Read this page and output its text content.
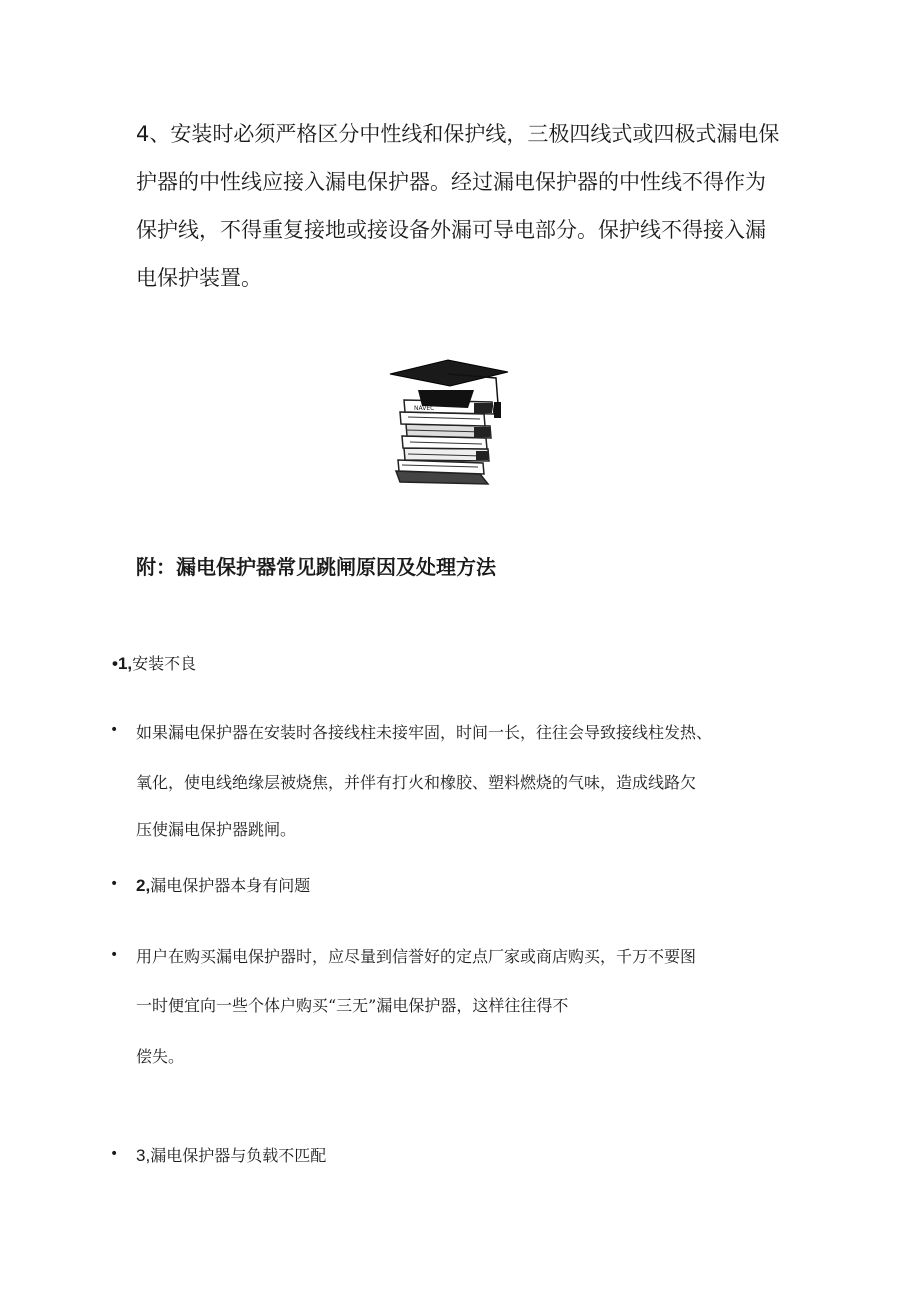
4、安装时必须严格区分中性线和保护线，三极四线式或四极式漏电保

护器的中性线应接入漏电保护器。经过漏电保护器的中性线不得作为

保护线，不得重复接地或接设备外漏可导电部分。保护线不得接入漏

电保护装置。

NAVEC
附：漏电保护器常见跳闸原因及处理方法

•1,安装不良

• 如果漏电保护器在安装时各接线柱未接牢固，时间一长，往往会导致接线柱发热、

氧化，使电线绝缘层被烧焦，并伴有打火和橡胶、塑料燃烧的气味，造成线路欠

压使漏电保护器跳闸。

• 2,漏电保护器本身有问题

• 用户在购买漏电保护器时，应尽量到信誉好的定点厂家或商店购买，千万不要图

一时便宜向一些个体户购买“三无”漏电保护器，这样往往得不

偿失。

• 3,漏电保护器与负载不匹配
